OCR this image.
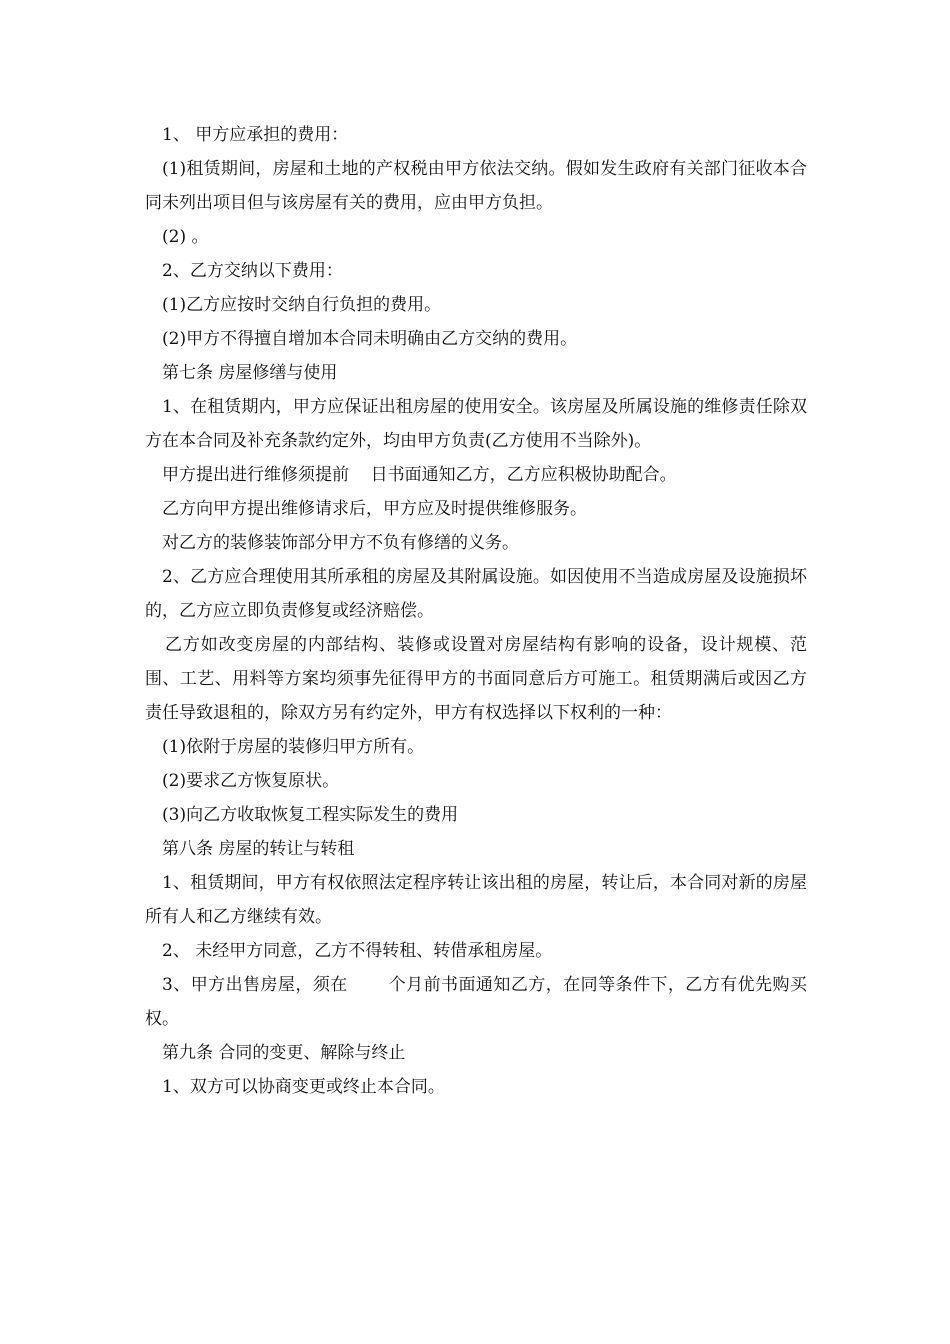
1、 甲方应承担的费用：

(1)租赁期间，房屋和土地的产权税由甲方依法交纳。假如发生政府有关部门征收本合同未列出项目但与该房屋有关的费用，应由甲方负担。

(2) 。

2、乙方交纳以下费用：

(1)乙方应按时交纳自行负担的费用。

(2)甲方不得擅自增加本合同未明确由乙方交纳的费用。

第七条 房屋修缮与使用

1、在租赁期内，甲方应保证出租房屋的使用安全。该房屋及所属设施的维修责任除双方在本合同及补充条款约定外，均由甲方负责(乙方使用不当除外)。

甲方提出进行维修须提前    日书面通知乙方，乙方应积极协助配合。

乙方向甲方提出维修请求后，甲方应及时提供维修服务。

对乙方的装修装饰部分甲方不负有修缮的义务。

2、乙方应合理使用其所承租的房屋及其附属设施。如因使用不当造成房屋及设施损坏的，乙方应立即负责修复或经济赔偿。

乙方如改变房屋的内部结构、装修或设置对房屋结构有影响的设备，设计规模、范围、工艺、用料等方案均须事先征得甲方的书面同意后方可施工。租赁期满后或因乙方责任导致退租的，除双方另有约定外，甲方有权选择以下权利的一种：

(1)依附于房屋的装修归甲方所有。

(2)要求乙方恢复原状。

(3)向乙方收取恢复工程实际发生的费用

第八条 房屋的转让与转租

1、租赁期间，甲方有权依照法定程序转让该出租的房屋，转让后，本合同对新的房屋所有人和乙方继续有效。

2、 未经甲方同意，乙方不得转租、转借承租房屋。

3、甲方出售房屋，须在       个月前书面通知乙方，在同等条件下，乙方有优先购买权。

第九条 合同的变更、解除与终止

1、双方可以协商变更或终止本合同。
